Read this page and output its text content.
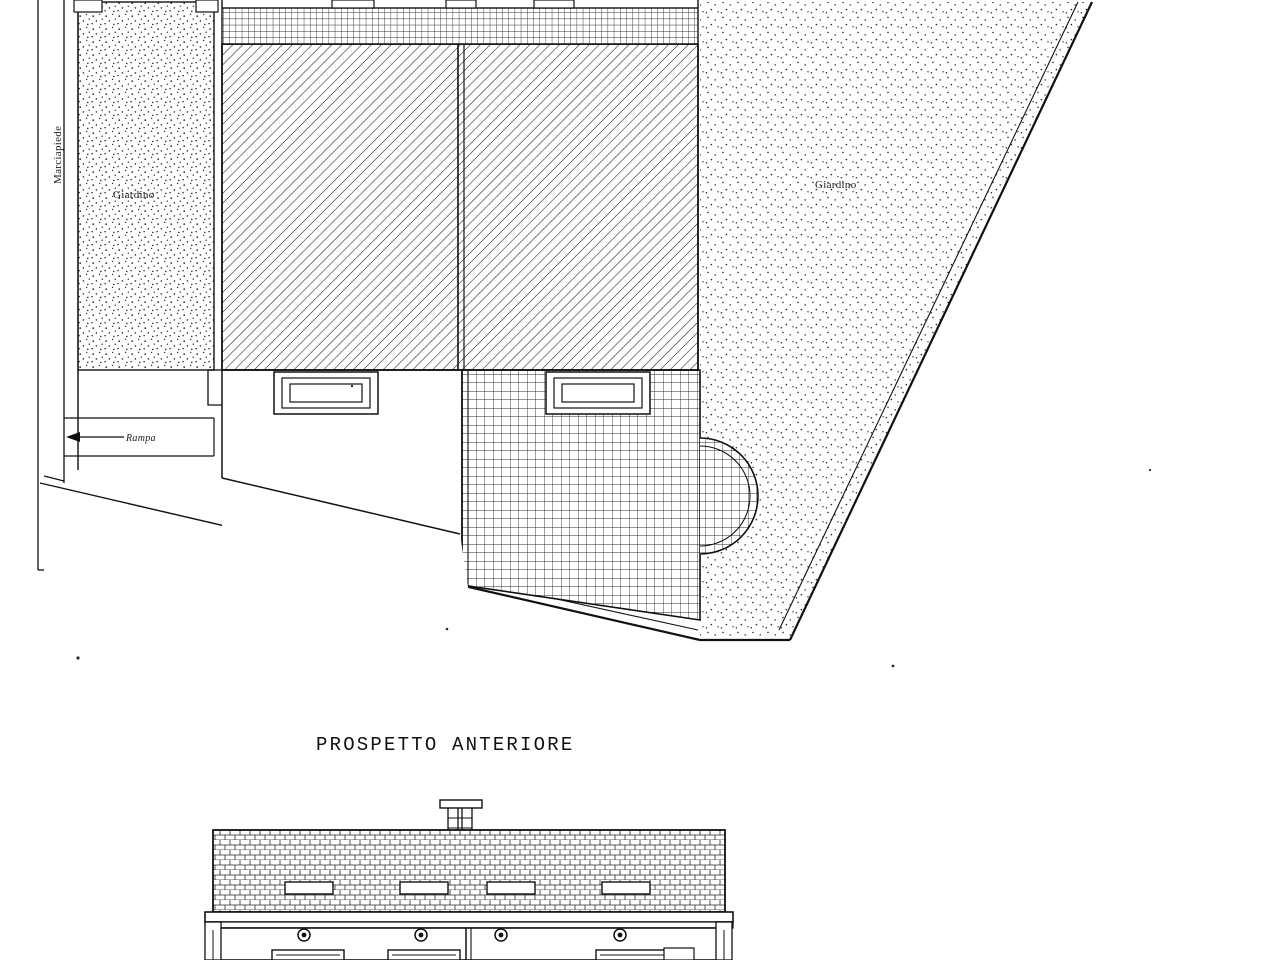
Marciapiede
Giardino
Giardino
Rampa
PROSPETTO ANTERIORE
